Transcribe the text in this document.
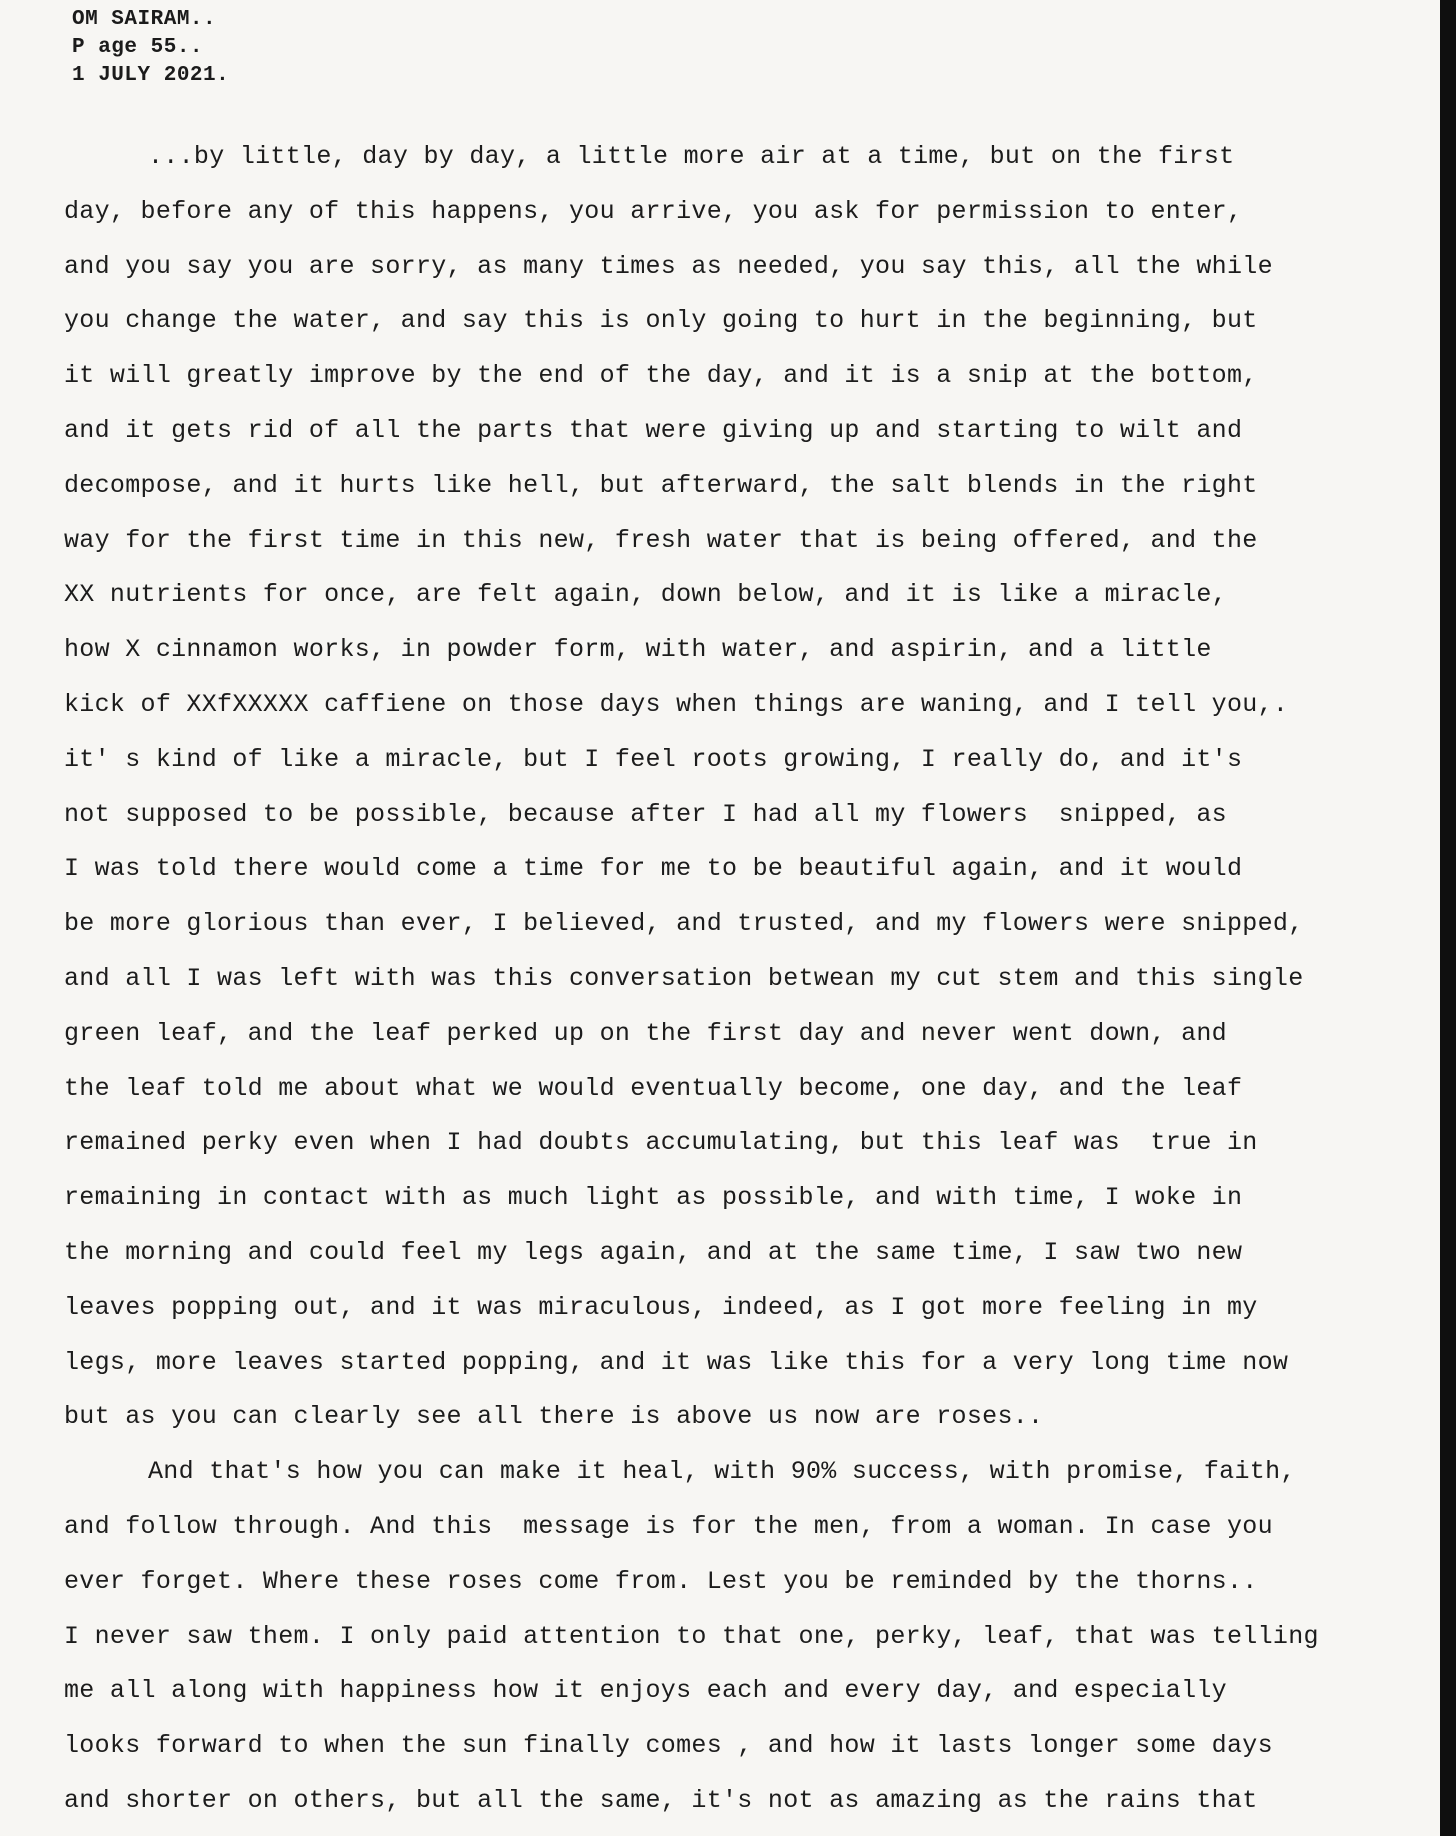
OM SAIRAM..
P age 55..
1 JULY 2021.
...by little, day by day, a little more air at a time, but on the first
day, before any of this happens, you arrive, you ask for permission to enter,
and you say you are sorry, as many times as needed, you say this, all the while
you change the water, and say this is only going to hurt in the beginning, but
it will greatly improve by the end of the day, and it is a snip at the bottom,
and it gets rid of all the parts that were giving up and starting to wilt and
decompose, and it hurts like hell, but afterward, the salt blends in the right
way for the first time in this new, fresh water that is being offered, and the
XX nutrients for once, are felt again, down below, and it is like a miracle,
how X cinnamon works, in powder form, with water, and aspirin, and a little
kick of XXfXXXXX caffiene on those days when things are waning, and I tell you,.
it' s kind of like a miracle, but I feel roots growing, I really do, and it's
not supposed to be possible, because after I had all my flowers  snipped, as
I was told there would come a time for me to be beautiful again, and it would
be more glorious than ever, I believed, and trusted, and my flowers were snipped,
and all I was left with was this conversation betwean my cut stem and this single
green leaf, and the leaf perked up on the first day and never went down, and
the leaf told me about what we would eventually become, one day, and the leaf
remained perky even when I had doubts accumulating, but this leaf was  true in
remaining in contact with as much light as possible, and with time, I woke in
the morning and could feel my legs again, and at the same time, I saw two new
leaves popping out, and it was miraculous, indeed, as I got more feeling in my
legs, more leaves started popping, and it was like this for a very long time now
but as you can clearly see all there is above us now are roses..
And that's how you can make it heal, with 90% success, with promise, faith,
and follow through. And this  message is for the men, from a woman. In case you
ever forget. Where these roses come from. Lest you be reminded by the thorns..
I never saw them. I only paid attention to that one, perky, leaf, that was telling
me all along with happiness how it enjoys each and every day, and especially
looks forward to when the sun finally comes , and how it lasts longer some days
and shorter on others, but all the same, it's not as amazing as the rains that
